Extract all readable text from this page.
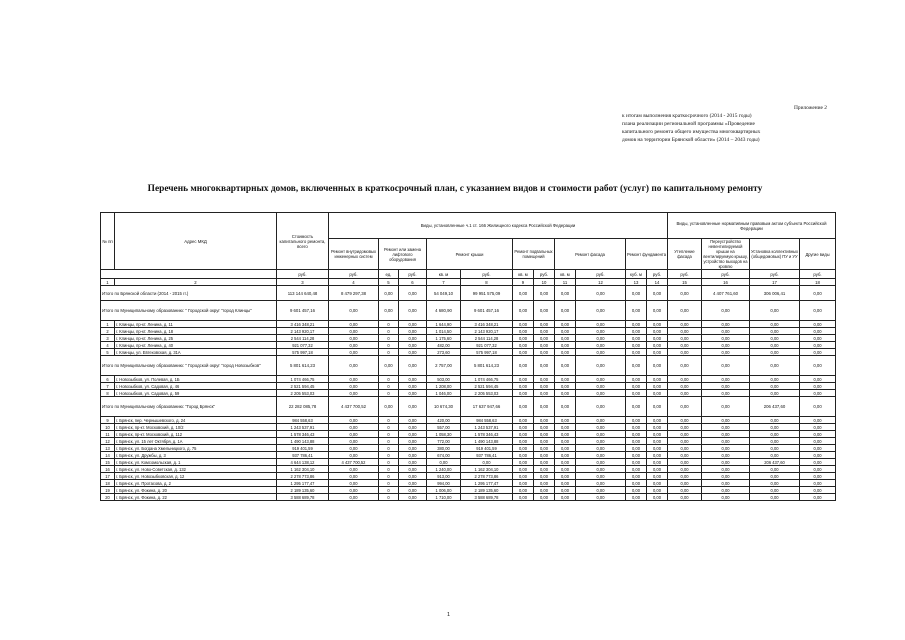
Приложение 2
к итогам выполнения краткосрочного (2014 - 2015 годы)
плана реализации региональной программы «Проведение
капитального ремонта общего имущества многоквартирных
домов на территории Брянской области» (2014 – 2043 годы)
Перечень многоквартирных домов, включенных в краткосрочный план, с указанием видов и стоимости работ (услуг) по капитальному ремонту
№ пп	Адрес МКД	Стоимость капитального ремонта, всего	Виды, установленные ч.1 ст. 166 Жилищного кодекса Российской Федерации											Виды, установленные нормативным правовым актом субъекта Российской Федерации			
			Ремонт внутридомовых инженерных систем	Ремонт или замена лифтового оборудования		Ремонт крыши		Ремонт подвальных помещений		Ремонт фасада		Ремонт фундамента		Утепление фасада	Переустройство невентилируемой крыши на вентилируемую крышу, устройство выходов на кровлю	Установка коллективных (общедомовых) ПУ и УУ	Другие виды
		руб.	руб.	ед.	руб.	кв. м	руб.	кв. м	руб.	кв. м	руб.	куб. м	руб.	руб.	руб.	руб.	руб.
1	2	3	4	5	6	7	8	9	10	11	12	13	14	15	16	17	18
Итого по Брянской области (2014 - 2015 гг.)		113 144 640,48	8 479 297,38	0,00	0,00	54 049,10	99 951 575,09	0,00	0,00	0,00	0,00	0,00	0,00	0,00	4 407 761,60	306 006,41	0,00
Итого по Муниципальному образованию: " Городской округ "город Клинцы"		9 601 457,16	0,00	0,00	0,00	4 680,90	9 601 457,16	0,00	0,00	0,00	0,00	0,00	0,00	0,00	0,00	0,00	0,00
1	г. Клинцы, пр-кт. Ленина, д. 11	3 416 348,21	0,00	0	0,00	1 644,90	3 416 348,21	0,00	0,00	0,00	0,00	0,00	0,00	0,00	0,00	0,00	0,00
2	г. Клинцы, пр-кт. Ленина, д. 18	2 143 920,17	0,00	0	0,00	1 014,50	2 143 920,17	0,00	0,00	0,00	0,00	0,00	0,00	0,00	0,00	0,00	0,00
3	г. Клинцы, пр-кт. Ленина, д. 25	2 544 114,28	0,00	0	0,00	1 175,60	2 544 114,28	0,00	0,00	0,00	0,00	0,00	0,00	0,00	0,00	0,00	0,00
4	г. Клинцы, пр-кт. Ленина, д. 40	921 077,32	0,00	0	0,00	482,00	921 077,32	0,00	0,00	0,00	0,00	0,00	0,00	0,00	0,00	0,00	0,00
5	г. Клинцы, ул. Евтеховская, д. 31А	575 997,18	0,00	0	0,00	273,60	575 997,18	0,00	0,00	0,00	0,00	0,00	0,00	0,00	0,00	0,00	0,00
Итого по Муниципальному образованию: " Городской округ "город Новозыбков"		5 801 614,23	0,00	0,00	0,00	2 757,00	5 801 614,23	0,00	0,00	0,00	0,00	0,00	0,00	0,00	0,00	0,00	0,00
6	г. Новозыбков, ул. Полевая, д. 1Б	1 074 466,75	0,00	0	0,00	503,00	1 074 466,75	0,00	0,00	0,00	0,00	0,00	0,00	0,00	0,00	0,00	0,00
7	г. Новозыбков, ул. Садовая, д. 46	2 521 594,45	0,00	0	0,00	1 208,00	2 521 594,45	0,00	0,00	0,00	0,00	0,00	0,00	0,00	0,00	0,00	0,00
8	г. Новозыбков, ул. Садовая, д. 59	2 205 553,03	0,00	0	0,00	1 046,00	2 205 553,03	0,00	0,00	0,00	0,00	0,00	0,00	0,00	0,00	0,00	0,00
Итого по Муниципальному образованию: "Город Брянск"		22 282 085,78	4 437 700,52	0,00	0,00	10 674,30	17 637 947,66	0,00	0,00	0,00	0,00	0,00	0,00	0,00	0,00	206 437,60	0,00
9	г. Брянск, пер. Чернышевского, д. 24	984 558,63	0,00	0	0,00	420,00	984 558,63	0,00	0,00	0,00	0,00	0,00	0,00	0,00	0,00	0,00	0,00
10	г. Брянск, пр-кт. Московский, д. 10/2	1 243 537,91	0,00	0	0,00	557,00	1 243 537,91	0,00	0,00	0,00	0,00	0,00	0,00	0,00	0,00	0,00	0,00
11	г. Брянск, пр-кт. Московский, д. 112	1 578 346,43	0,00	0	0,00	1 058,30	1 578 346,43	0,00	0,00	0,00	0,00	0,00	0,00	0,00	0,00	0,00	0,00
12	г. Брянск, ул. 15 лет Октября, д. 1А	1 490 143,88	0,00	0	0,00	772,00	1 490 143,88	0,00	0,00	0,00	0,00	0,00	0,00	0,00	0,00	0,00	0,00
13	г. Брянск, ул. Богдана Хмельницкого, д. 75	919 401,59	0,00	0	0,00	380,00	919 401,59	0,00	0,00	0,00	0,00	0,00	0,00	0,00	0,00	0,00	0,00
14	г. Брянск, ул. Дружбы, д. 3	937 786,41	0,00	0	0,00	674,00	937 786,41	0,00	0,00	0,00	0,00	0,00	0,00	0,00	0,00	0,00	0,00
15	г. Брянск, ул. Комсомольская, д. 1	4 644 138,12	4 437 700,52	0	0,00	0,00	0,00	0,00	0,00	0,00	0,00	0,00	0,00	0,00	0,00	206 437,60	0,00
16	г. Брянск, ул. Ново-Советская, д. 132	1 162 304,10	0,00	0	0,00	1 240,00	1 162 304,10	0,00	0,00	0,00	0,00	0,00	0,00	0,00	0,00	0,00	0,00
17	г. Брянск, ул. Новозыбковская, д. 12	2 278 773,86	0,00	0	0,00	913,00	2 278 773,86	0,00	0,00	0,00	0,00	0,00	0,00	0,00	0,00	0,00	0,00
18	г. Брянск, ул. Протасова, д. 2	1 295 177,47	0,00	0	0,00	994,00	1 295 177,47	0,00	0,00	0,00	0,00	0,00	0,00	0,00	0,00	0,00	0,00
19	г. Брянск, ул. Фокина, д. 20	2 189 135,60	0,00	0	0,00	1 006,00	2 189 135,60	0,00	0,00	0,00	0,00	0,00	0,00	0,00	0,00	0,00	0,00
20	г. Брянск, ул. Фокина, д. 22	3 588 689,78	0,00	0	0,00	1 710,00	3 588 689,78	0,00	0,00	0,00	0,00	0,00	0,00	0,00	0,00	0,00	0,00
1
